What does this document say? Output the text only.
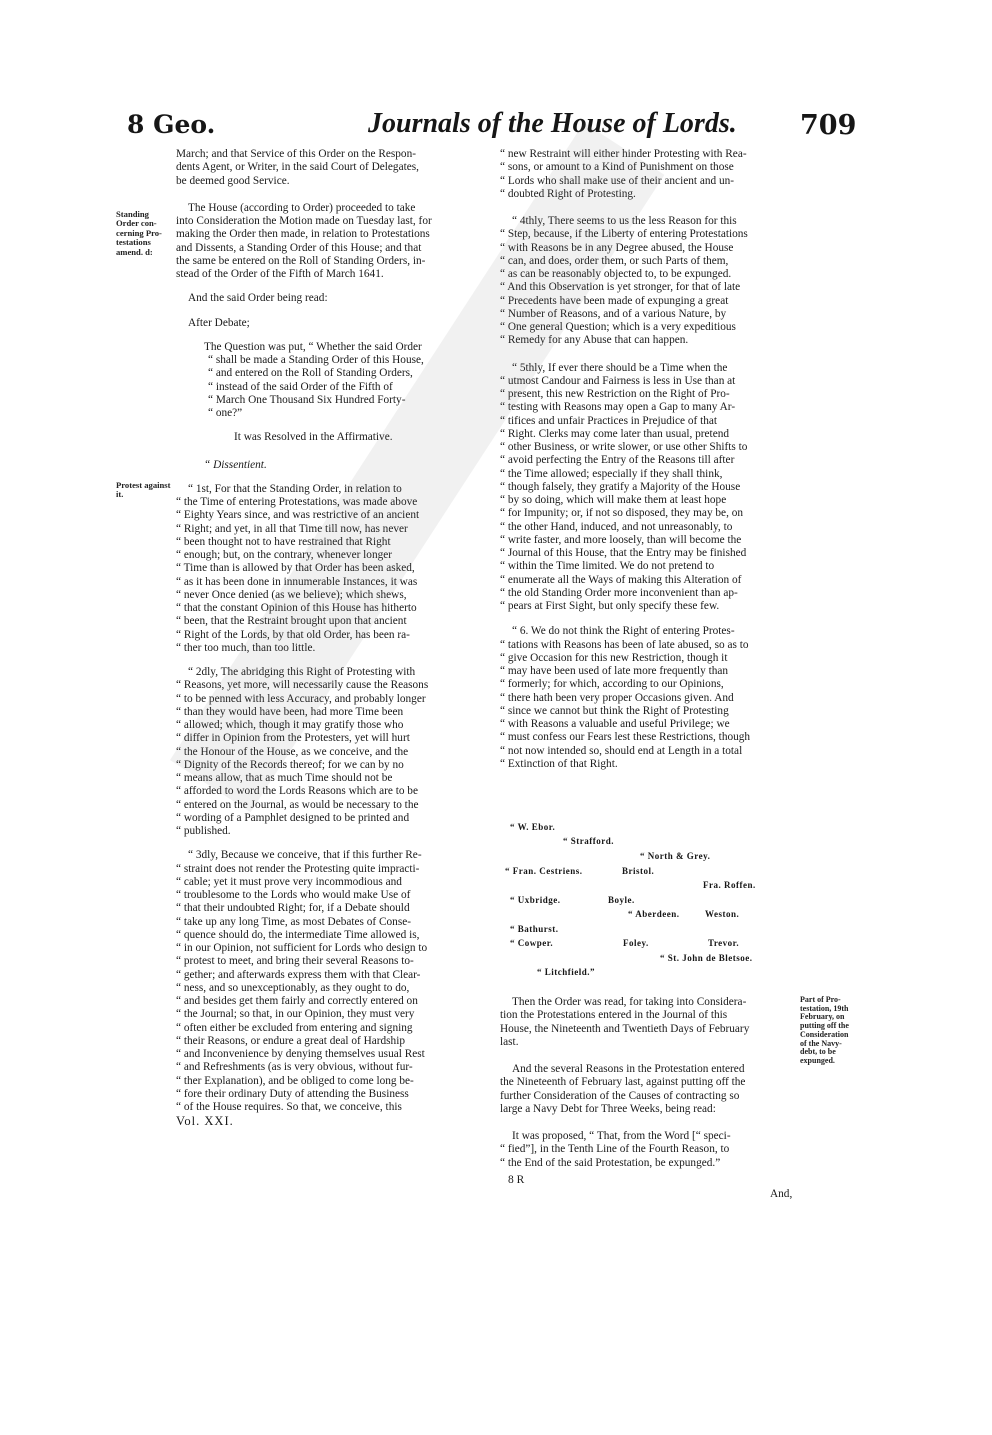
8 Geo.	Journals of the House of Lords. 709
Standing
Order con-
cerning Pro-
testations
amend. d:
Protest against
it.
Part of Pro-
testation, 19th
February, on
putting off the
Consideration
of the Navy-
debt, to be
expunged.

March; and that Service of this Order on the Respon-
dents Agent, or Writer, in the said Court of Delegates,
be deemed good Service.

The House (according to Order) proceeded to take
into Consideration the Motion made on Tuesday last, for
making the Order then made, in relation to Protestations
and Dissents, a Standing Order of this House; and that
the same be entered on the Roll of Standing Orders, in-
stead of the Order of the Fifth of March 1641.

And the said Order being read:

After Debate;

The Question was put, “ Whether the said Order
“ shall be made a Standing Order of this House,
“ and entered on the Roll of Standing Orders,
“ instead of the said Order of the Fifth of
“ March One Thousand Six Hundred Forty-
“ one?”

It was Resolved in the Affirmative.

“ Dissentient.

“ 1st, For that the Standing Order, in relation to
“ the Time of entering Protestations, was made above
“ Eighty Years since, and was restrictive of an ancient
“ Right; and yet, in all that Time till now, has never
“ been thought not to have restrained that Right
“ enough; but, on the contrary, whenever longer
“ Time than is allowed by that Order has been asked,
“ as it has been done in innumerable Instances, it was
“ never Once denied (as we believe); which shews,
“ that the constant Opinion of this House has hitherto
“ been, that the Restraint brought upon that ancient
“ Right of the Lords, by that old Order, has been ra-
“ ther too much, than too little.

“ 2dly, The abridging this Right of Protesting with
“ Reasons, yet more, will necessarily cause the Reasons
“ to be penned with less Accuracy, and probably longer
“ than they would have been, had more Time been
“ allowed; which, though it may gratify those who
“ differ in Opinion from the Protesters, yet will hurt
“ the Honour of the House, as we conceive, and the
“ Dignity of the Records thereof; for we can by no
“ means allow, that as much Time should not be
“ afforded to word the Lords Reasons which are to be
“ entered on the Journal, as would be necessary to the
“ wording of a Pamphlet designed to be printed and
“ published.

“ 3dly, Because we conceive, that if this further Re-
“ straint does not render the Protesting quite impracti-
“ cable; yet it must prove very incommodious and
“ troublesome to the Lords who would make Use of
“ that their undoubted Right; for, if a Debate should
“ take up any long Time, as most Debates of Conse-
“ quence should do, the intermediate Time allowed is,
“ in our Opinion, not sufficient for Lords who design to
“ protest to meet, and bring their several Reasons to-
“ gether; and afterwards express them with that Clear-
“ ness, and so unexceptionably, as they ought to do,
“ and besides get them fairly and correctly entered on
“ the Journal; so that, in our Opinion, they must very
“ often either be excluded from entering and signing
“ their Reasons, or endure a great deal of Hardship
“ and Inconvenience by denying themselves usual Rest
“ and Refreshments (as is very obvious, without fur-
“ ther Explanation), and be obliged to come long be-
“ fore their ordinary Duty of attending the Business
“ of the House requires. So that, we conceive, this

Vol. XXI.

“ new Restraint will either hinder Protesting with Rea-
“ sons, or amount to a Kind of Punishment on those
“ Lords who shall make use of their ancient and un-
“ doubted Right of Protesting.

“ 4thly, There seems to us the less Reason for this
“ Step, because, if the Liberty of entering Protestations
“ with Reasons be in any Degree abused, the House
“ can, and does, order them, or such Parts of them,
“ as can be reasonably objected to, to be expunged.
“ And this Observation is yet stronger, for that of late
“ Precedents have been made of expunging a great
“ Number of Reasons, and of a various Nature, by
“ One general Question; which is a very expeditious
“ Remedy for any Abuse that can happen.

“ 5thly, If ever there should be a Time when the
“ utmost Candour and Fairness is less in Use than at
“ present, this new Restriction on the Right of Pro-
“ testing with Reasons may open a Gap to many Ar-
“ tifices and unfair Practices in Prejudice of that
“ Right. Clerks may come later than usual, pretend
“ other Business, or write slower, or use other Shifts to
“ avoid perfecting the Entry of the Reasons till after
“ the Time allowed; especially if they shall think,
“ though falsely, they gratify a Majority of the House
“ by so doing, which will make them at least hope
“ for Impunity; or, if not so disposed, they may be, on
“ the other Hand, induced, and not unreasonably, to
“ write faster, and more loosely, than will become the
“ Journal of this House, that the Entry may be finished
“ within the Time limited. We do not pretend to
“ enumerate all the Ways of making this Alteration of
“ the old Standing Order more inconvenient than ap-
“ pears at First Sight, but only specify these few.

“ 6. We do not think the Right of entering Protes-
“ tations with Reasons has been of late abused, so as to
“ give Occasion for this new Restriction, though it
“ may have been used of late more frequently than
“ formerly; for which, according to our Opinions,
“ there hath been very proper Occasions given. And
“ since we cannot but think the Right of Protesting
“ with Reasons a valuable and useful Privilege; we
“ must confess our Fears lest these Restrictions, though
“ not now intended so, should end at Length in a total
“ Extinction of that Right.

“ W. Ebor.
“ Strafford.
“ North & Grey.
“ Fran. Cestriens.	Bristol.
Fra. Roffen.
“ Uxbridge.	Boyle.
“ Aberdeen.	Weston.
“ Bathurst.
“ Cowper.	Foley.	Trevor.
“ St. John de Bletsoe.
“ Litchfield.”

Then the Order was read, for taking into Considera-
tion the Protestations entered in the Journal of this
House, the Nineteenth and Twentieth Days of February
last.

And the several Reasons in the Protestation entered
the Nineteenth of February last, against putting off the
further Consideration of the Causes of contracting so
large a Navy Debt for Three Weeks, being read:

It was proposed, “ That, from the Word [“ speci-
“ fied”], in the Tenth Line of the Fourth Reason, to
“ the End of the said Protestation, be expunged.”

8 R
And,
